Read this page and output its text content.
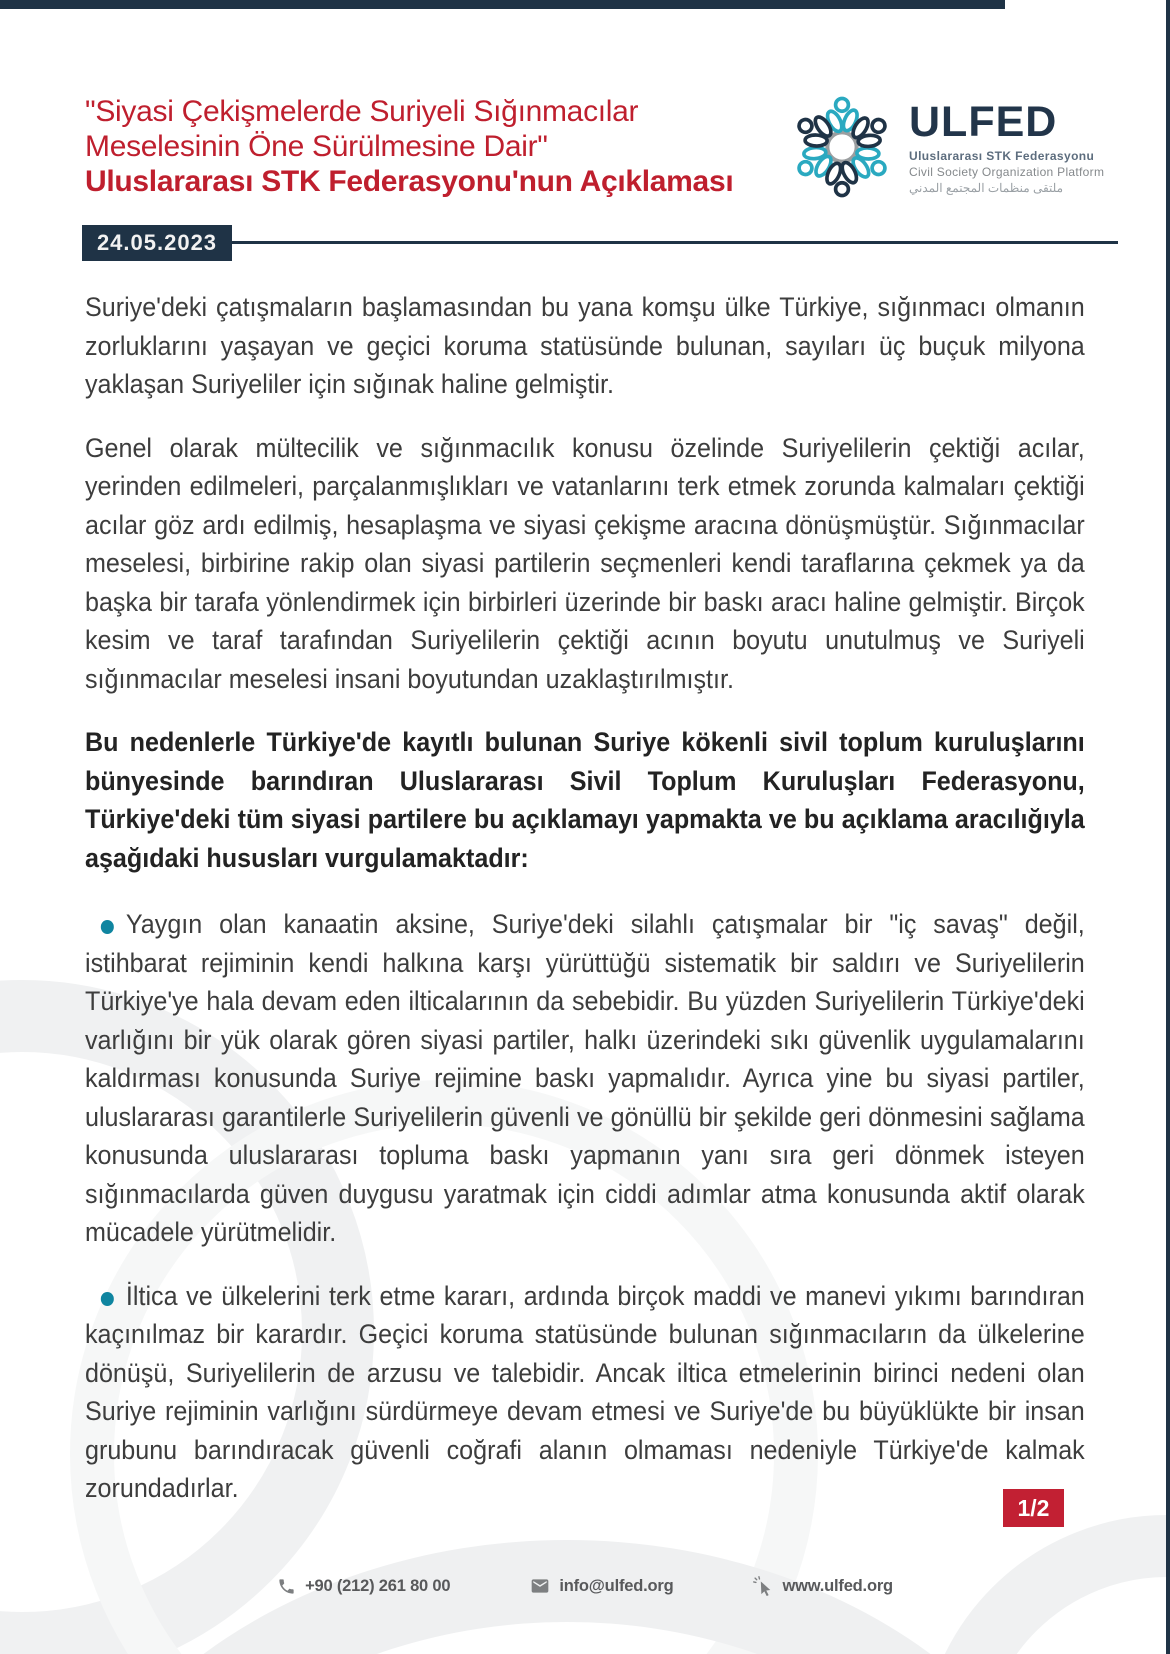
"Siyasi Çekişmelerde Suriyeli Sığınmacılar
Meselesinin Öne Sürülmesine Dair"
Uluslararası STK Federasyonu'nun Açıklaması
ULFED
Uluslararası STK Federasyonu
Civil Society Organization Platform
ملتقى منظمات المجتمع المدني
24.05.2023

Suriye'deki çatışmaların başlamasından bu yana komşu ülke Türkiye, sığınmacı olmanın zorluklarını yaşayan ve geçici koruma statüsünde bulunan, sayıları üç buçuk milyona yaklaşan Suriyeliler için sığınak haline gelmiştir.

Genel olarak mültecilik ve sığınmacılık konusu özelinde Suriyelilerin çektiği acılar, yerinden edilmeleri, parçalanmışlıkları ve vatanlarını terk etmek zorunda kalmaları çektiği acılar göz ardı edilmiş, hesaplaşma ve siyasi çekişme aracına dönüşmüştür. Sığınmacılar meselesi, birbirine rakip olan siyasi partilerin seçmenleri kendi taraflarına çekmek ya da başka bir tarafa yönlendirmek için birbirleri üzerinde bir baskı aracı haline gelmiştir. Birçok kesim ve taraf tarafından Suriyelilerin çektiği acının boyutu unutulmuş ve Suriyeli sığınmacılar meselesi insani boyutundan uzaklaştırılmıştır.

Bu nedenlerle Türkiye'de kayıtlı bulunan Suriye kökenli sivil toplum kuruluşlarını bünyesinde barındıran Uluslararası Sivil Toplum Kuruluşları Federasyonu, Türkiye'deki tüm siyasi partilere bu açıklamayı yapmakta ve bu açıklama aracılığıyla aşağıdaki hususları vurgulamaktadır:

Yaygın olan kanaatin aksine, Suriye'deki silahlı çatışmalar bir "iç savaş" değil, istihbarat rejiminin kendi halkına karşı yürüttüğü sistematik bir saldırı ve Suriyelilerin Türkiye'ye hala devam eden ilticalarının da sebebidir. Bu yüzden Suriyelilerin Türkiye'deki varlığını bir yük olarak gören siyasi partiler, halkı üzerindeki sıkı güvenlik uygulamalarını kaldırması konusunda Suriye rejimine baskı yapmalıdır. Ayrıca yine bu siyasi partiler, uluslararası garantilerle Suriyelilerin güvenli ve gönüllü bir şekilde geri dönmesini sağlama konusunda uluslararası topluma baskı yapmanın yanı sıra geri dönmek isteyen sığınmacılarda güven duygusu yaratmak için ciddi adımlar atma konusunda aktif olarak mücadele yürütmelidir.

İltica ve ülkelerini terk etme kararı, ardında birçok maddi ve manevi yıkımı barındıran kaçınılmaz bir karardır. Geçici koruma statüsünde bulunan sığınmacıların da ülkelerine dönüşü, Suriyelilerin de arzusu ve talebidir. Ancak iltica etmelerinin birinci nedeni olan Suriye rejiminin varlığını sürdürmeye devam etmesi ve Suriye'de bu büyüklükte bir insan grubunu barındıracak güvenli coğrafi alanın olmaması nedeniyle Türkiye'de kalmak zorundadırlar.

1/2
+90 (212) 261 80 00	info@ulfed.org	www.ulfed.org
